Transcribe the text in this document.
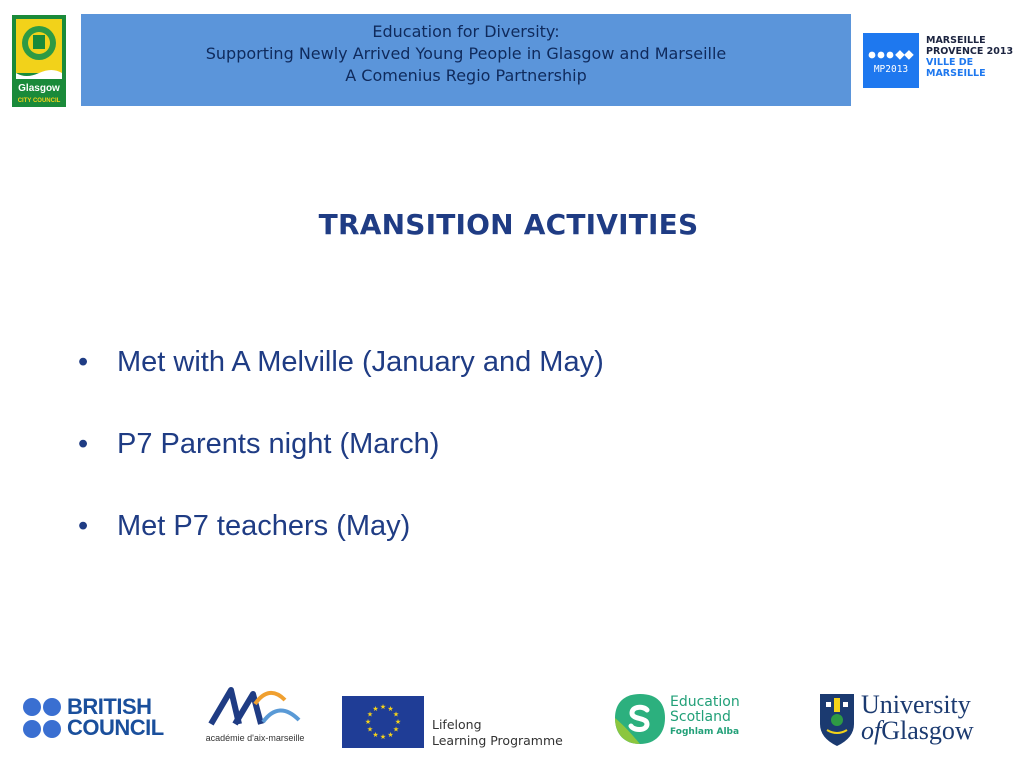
Glasgow
CITY COUNCIL
Education for Diversity:
Supporting Newly Arrived Young People in Glasgow and Marseille
A Comenius Regio Partnership	MP2013
MARSEILLE
PROVENCE 2013
VILLE DE
MARSEILLE
TRANSITION ACTIVITIES
• Met with A Melville (January and May)
• P7 Parents night (March)
• Met P7 teachers (May)
BRITISH
COUNCIL	académie d'aix-marseille
★ ★
★
★
★
★
★
★
★
★
★
★
Lifelong
Learning Programme
Education
Scotland
Foghlam Alba
University
ofGlasgow
